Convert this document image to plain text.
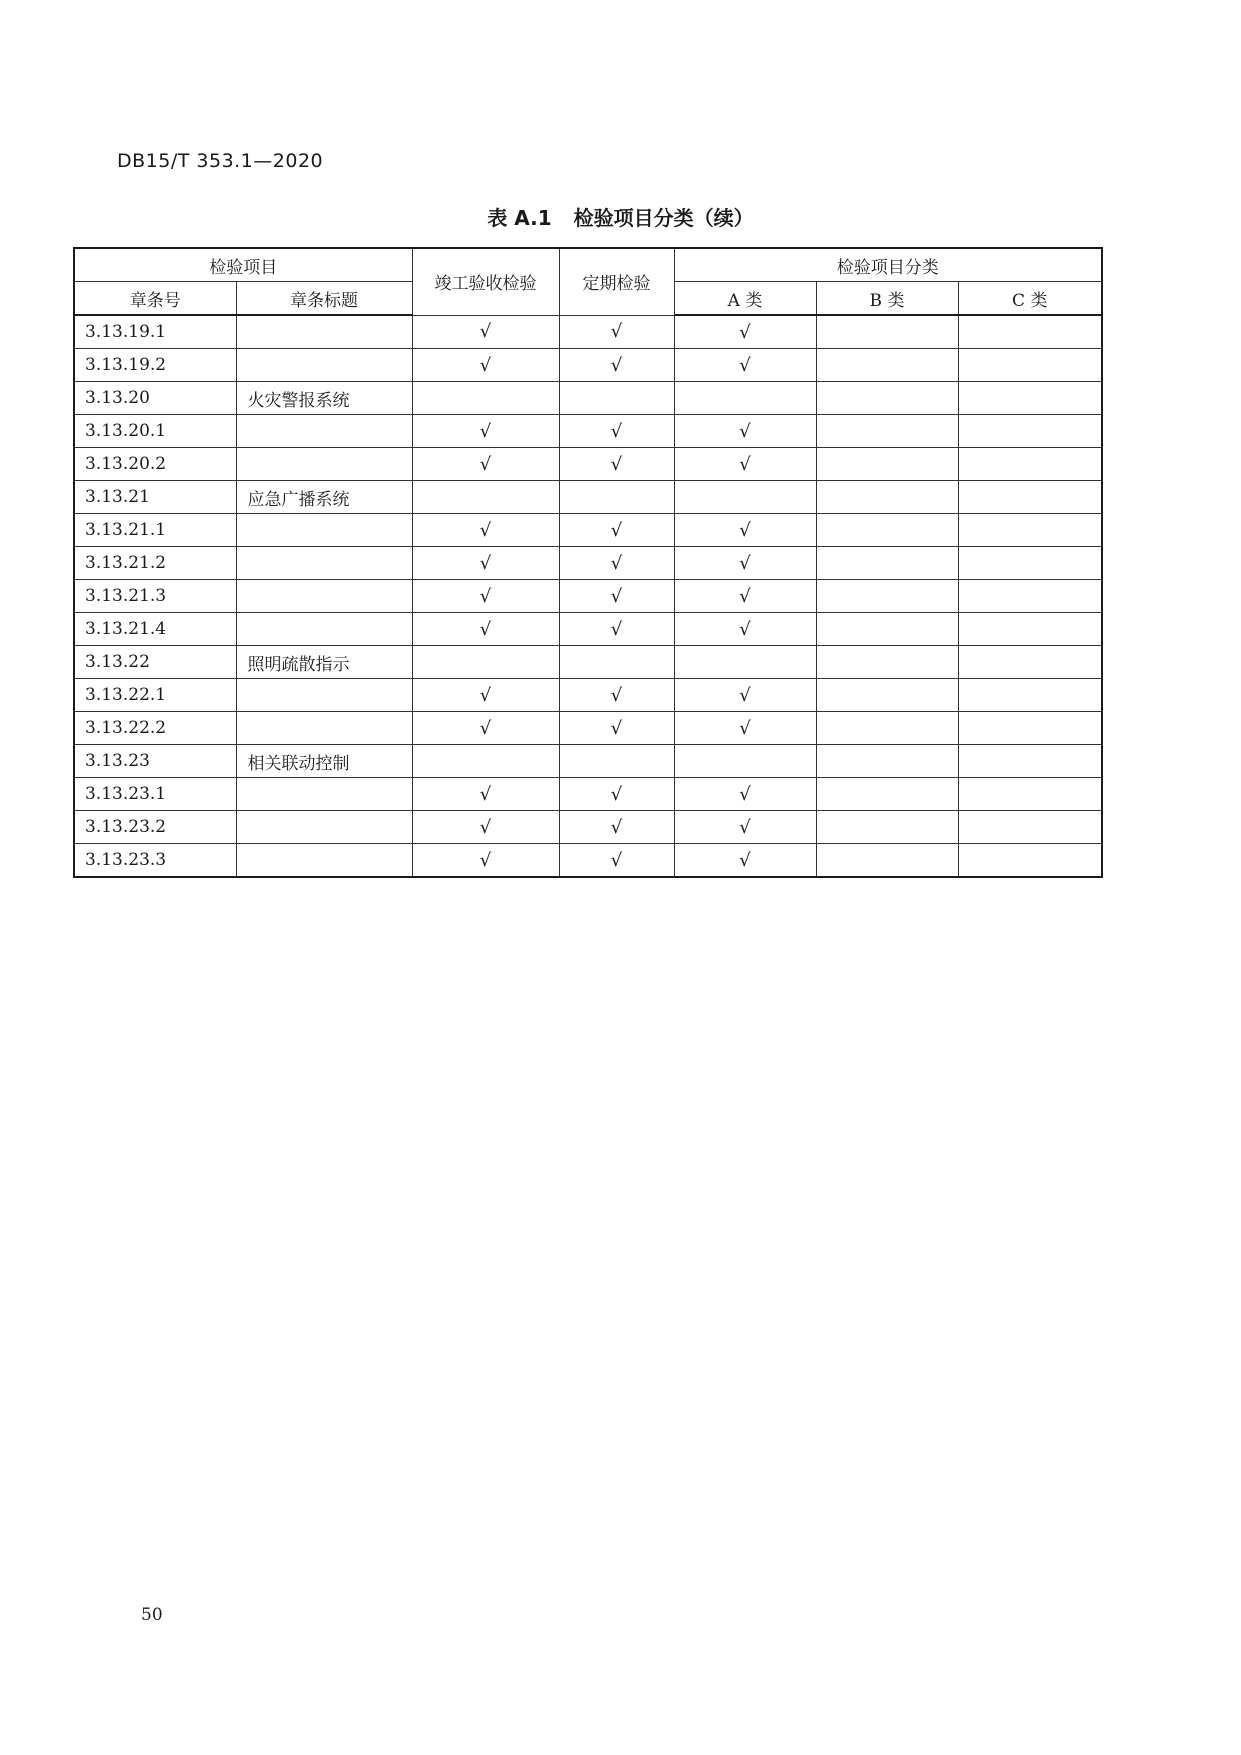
DB15/T 353.1—2020
表 A.1 检验项目分类（续）
检验项目		竣工验收检验	定期检验	检验项目分类		
章条号	章条标题			A 类	B 类	C 类
3.13.19.1		√	√	√		
3.13.19.2		√	√	√		
3.13.20	火灾警报系统					
3.13.20.1		√	√	√		
3.13.20.2		√	√	√		
3.13.21	应急广播系统					
3.13.21.1		√	√	√		
3.13.21.2		√	√	√		
3.13.21.3		√	√	√		
3.13.21.4		√	√	√		
3.13.22	照明疏散指示					
3.13.22.1		√	√	√		
3.13.22.2		√	√	√		
3.13.23	相关联动控制					
3.13.23.1		√	√	√		
3.13.23.2		√	√	√		
3.13.23.3		√	√	√		
50
